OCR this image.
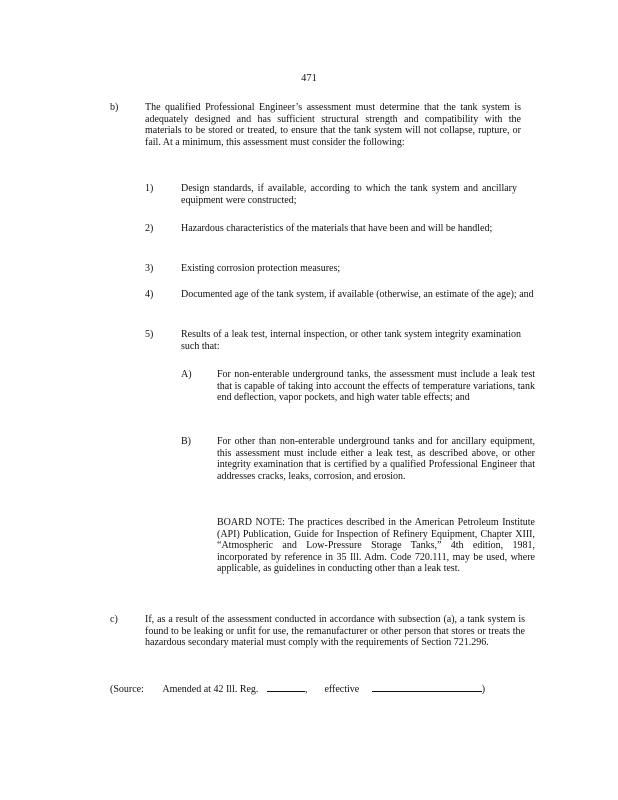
471
b)	The qualified Professional Engineer’s assessment must determine that the tank system is adequately designed and has sufficient structural strength and compatibility with the materials to be stored or treated, to ensure that the tank system will not collapse, rupture, or fail. At a minimum, this assessment must consider the following:
1)	Design standards, if available, according to which the tank system and ancillary equipment were constructed;
2)	Hazardous characteristics of the materials that have been and will be handled;
3)	Existing corrosion protection measures;
4)	Documented age of the tank system, if available (otherwise, an estimate of the age); and
5)	Results of a leak test, internal inspection, or other tank system integrity examination such that:
A)	For non-enterable underground tanks, the assessment must include a leak test that is capable of taking into account the effects of temperature variations, tank end deflection, vapor pockets, and high water table effects; and
B)	For other than non-enterable underground tanks and for ancillary equipment, this assessment must include either a leak test, as described above, or other integrity examination that is certified by a qualified Professional Engineer that addresses cracks, leaks, corrosion, and erosion.
BOARD NOTE: The practices described in the American Petroleum Institute (API) Publication, Guide for Inspection of Refinery Equipment, Chapter XIII, “Atmospheric and Low-Pressure Storage Tanks,” 4th edition, 1981, incorporated by reference in 35 Ill. Adm. Code 720.111, may be used, where applicable, as guidelines in conducting other than a leak test.
c)	If, as a result of the assessment conducted in accordance with subsection (a), a tank system is found to be leaking or unfit for use, the remanufacturer or other person that stores or treats the hazardous secondary material must comply with the requirements of Section 721.296.
(Source: Amended at 42 Ill. Reg.	, effective	)
